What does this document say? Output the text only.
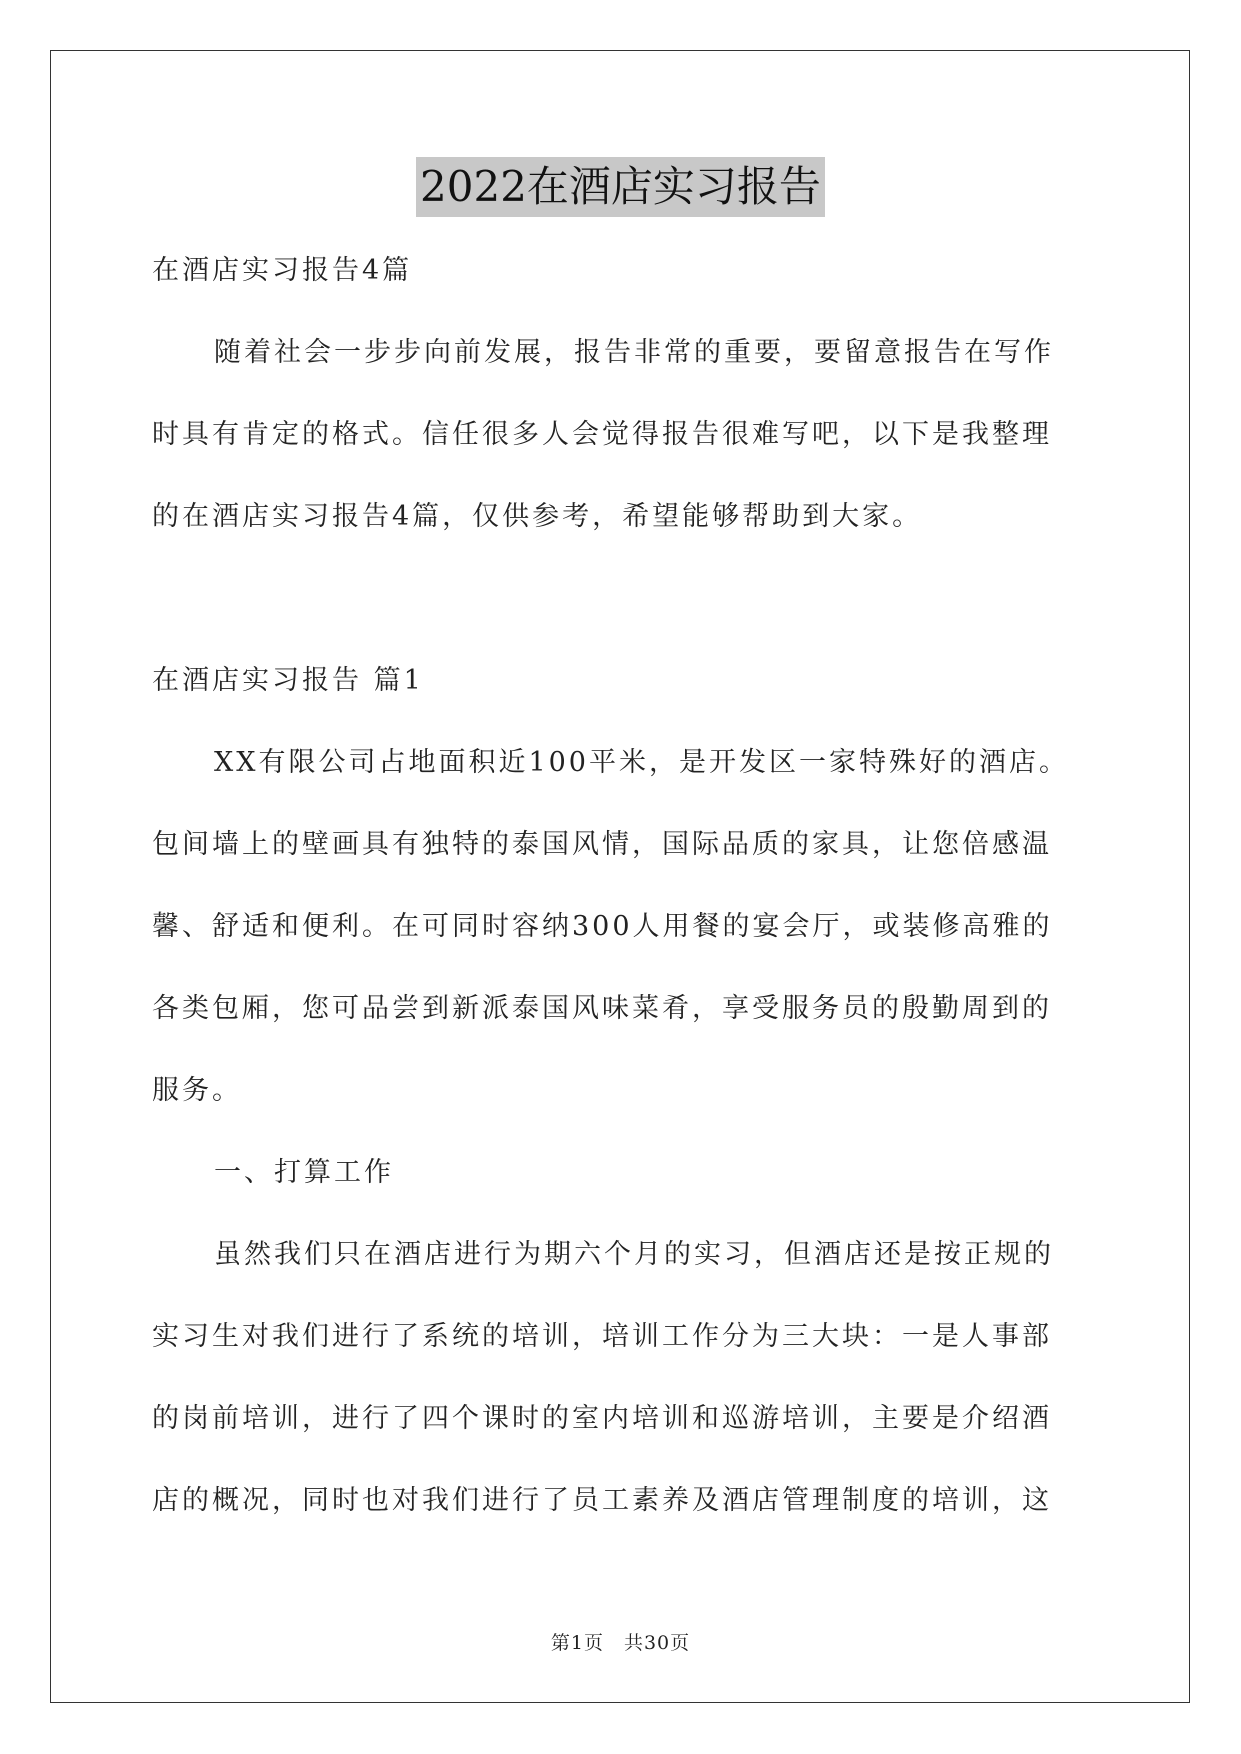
2022在酒店实习报告

在酒店实习报告4篇

随着社会一步步向前发展，报告非常的重要，要留意报告在写作

时具有肯定的格式。信任很多人会觉得报告很难写吧，以下是我整理

的在酒店实习报告4篇，仅供参考，希望能够帮助到大家。

在酒店实习报告 篇1

XX有限公司占地面积近100平米，是开发区一家特殊好的酒店。

包间墙上的壁画具有独特的泰国风情，国际品质的家具，让您倍感温

馨、舒适和便利。在可同时容纳300人用餐的宴会厅，或装修高雅的

各类包厢，您可品尝到新派泰国风味菜肴，享受服务员的殷勤周到的

服务。

一、打算工作

虽然我们只在酒店进行为期六个月的实习，但酒店还是按正规的

实习生对我们进行了系统的培训，培训工作分为三大块：一是人事部

的岗前培训，进行了四个课时的室内培训和巡游培训，主要是介绍酒

店的概况，同时也对我们进行了员工素养及酒店管理制度的培训，这

第1页　共30页
